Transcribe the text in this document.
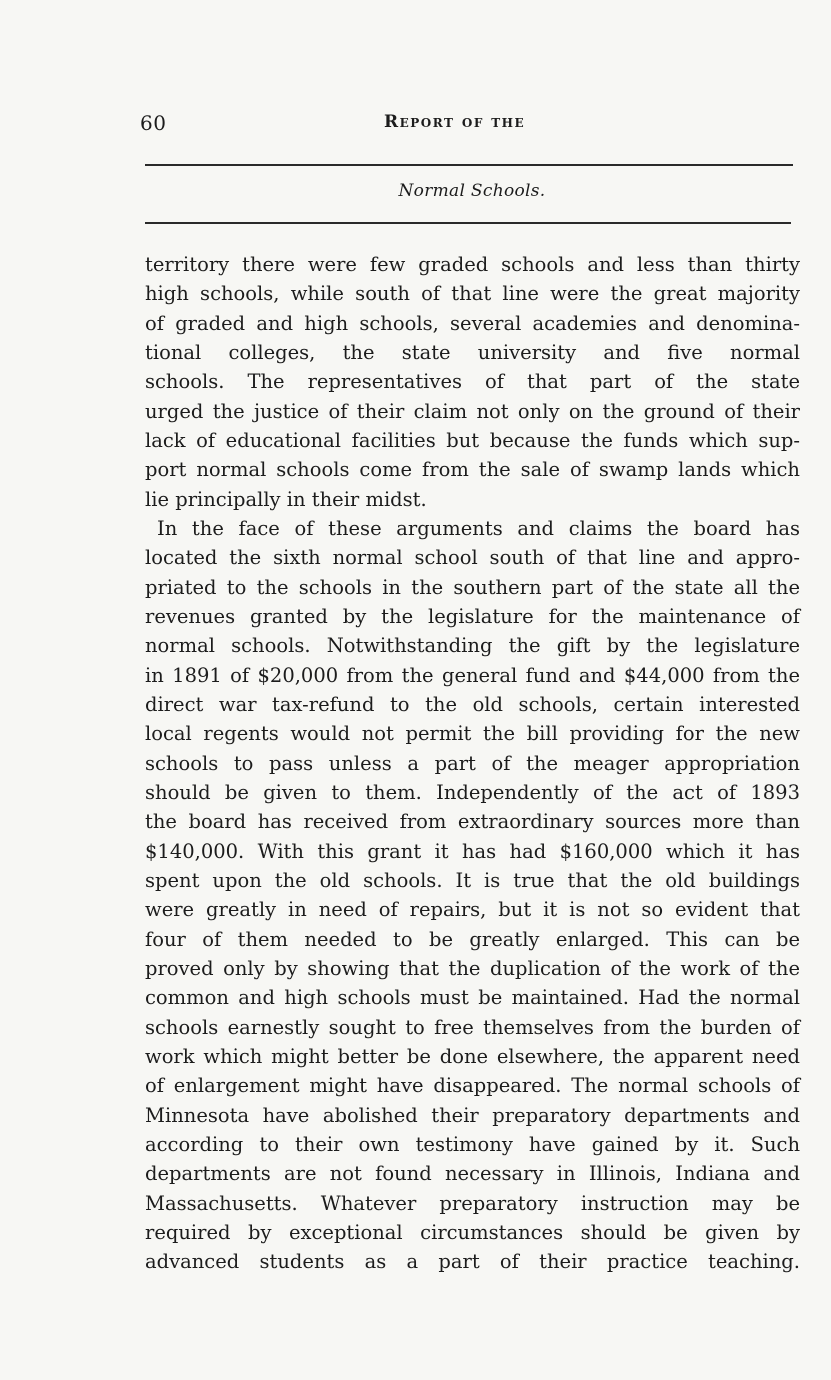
60	Report of the
Normal Schools.
territory there were few graded schools and less than thirty
high schools, while south of that line were the great majority
of graded and high schools, several academies and denomina-
tional colleges, the state university and five normal
schools. The representatives of that part of the state
urged the justice of their claim not only on the ground of their
lack of educational facilities but because the funds which sup-
port normal schools come from the sale of swamp lands which
lie principally in their midst.
In the face of these arguments and claims the board has
located the sixth normal school south of that line and appro-
priated to the schools in the southern part of the state all the
revenues granted by the legislature for the maintenance of
normal schools. Notwithstanding the gift by the legislature
in 1891 of $20,000 from the general fund and $44,000 from the
direct war tax-refund to the old schools, certain interested
local regents would not permit the bill providing for the new
schools to pass unless a part of the meager appropriation
should be given to them. Independently of the act of 1893
the board has received from extraordinary sources more than
$140,000. With this grant it has had $160,000 which it has
spent upon the old schools. It is true that the old buildings
were greatly in need of repairs, but it is not so evident that
four of them needed to be greatly enlarged. This can be
proved only by showing that the duplication of the work of the
common and high schools must be maintained. Had the normal
schools earnestly sought to free themselves from the burden of
work which might better be done elsewhere, the apparent need
of enlargement might have disappeared. The normal schools of
Minnesota have abolished their preparatory departments and
according to their own testimony have gained by it. Such
departments are not found necessary in Illinois, Indiana and
Massachusetts. Whatever preparatory instruction may be
required by exceptional circumstances should be given by
advanced students as a part of their practice teaching.
